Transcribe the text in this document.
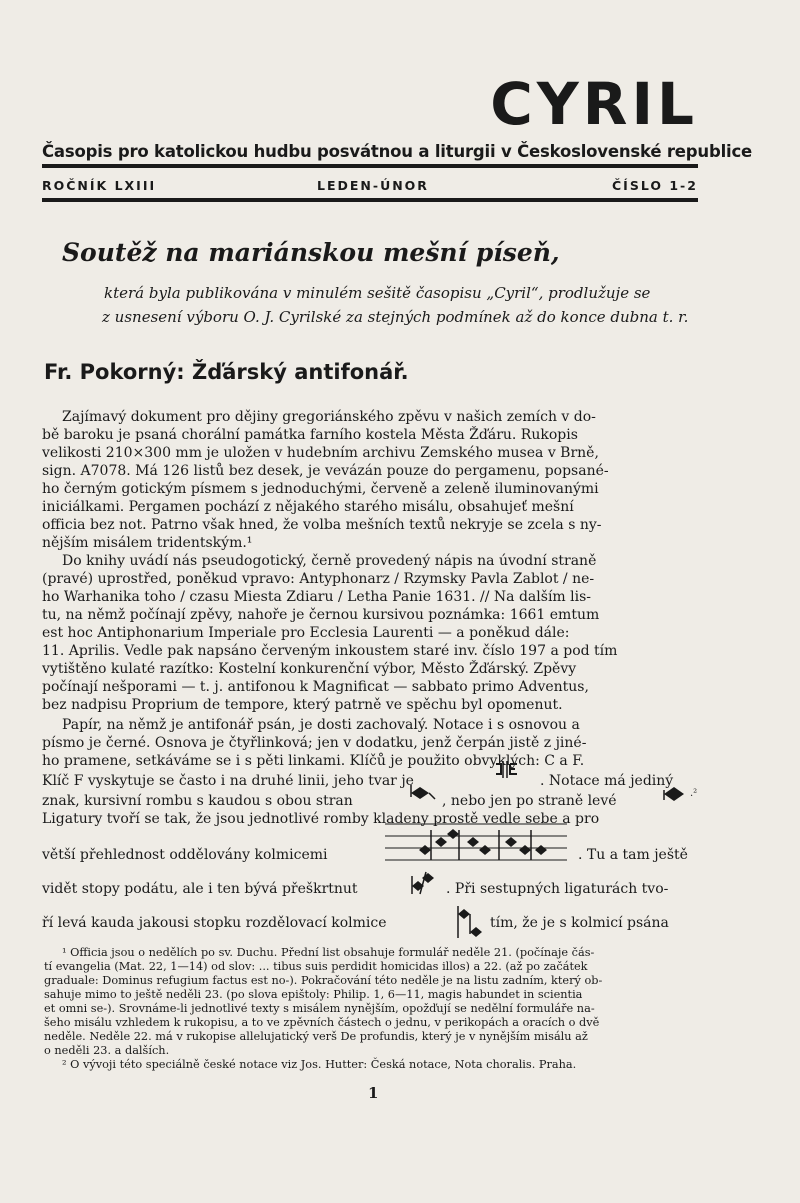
CYRIL
Časopis pro katolickou hudbu posvátnou a liturgii v Československé republice
ROČNÍK LXIII	LEDEN-ÚNOR	ČÍSLO 1-2
Soutěž na mariánskou mešní píseň,
která byla publikována v minulém sešitě časopisu „Cyril“, prodlužuje se
z usnesení výboru O. J. Cyrilské za stejných podmínek až do konce dubna t. r.
Fr. Pokorný: Žďárský antifonář.
Zajímavý dokument pro dějiny gregoriánského zpěvu v našich zemích v do-
bě baroku je psaná chorální památka farního kostela Města Žďáru. Rukopis
velikosti 210×300 mm je uložen v hudebním archivu Zemského musea v Brně,
sign. A7078. Má 126 listů bez desek, je vevázán pouze do pergamenu, popsané-
ho černým gotickým písmem s jednoduchými, červeně a zeleně iluminovanými
iniciálkami. Pergamen pochází z nějakého starého misálu, obsahujeť mešní
officia bez not. Patrno však hned, že volba mešních textů nekryje se zcela s ny-
nějším misálem tridentským.¹
Do knihy uvádí nás pseudogotický, černě provedený nápis na úvodní straně
(pravé) uprostřed, poněkud vpravo: Antyphonarz / Rzymsky Pavla Zablot / ne-
ho Warhanika toho / czasu Miesta Zdiaru / Letha Panie 1631. // Na dalším lis-
tu, na němž počínají zpěvy, nahoře je černou kursivou poznámka: 1661 emtum
est hoc Antiphonarium Imperiale pro Ecclesia Laurenti — a poněkud dále:
11. Aprilis. Vedle pak napsáno červeným inkoustem staré inv. číslo 197 a pod tím
vytištěno kulaté razítko: Kostelní konkurenční výbor, Město Žďárský. Zpěvy
počínají nešporami — t. j. antifonou k Magnificat — sabbato primo Adventus,
bez nadpisu Proprium de tempore, který patrně ve spěchu byl opomenut.
Papír, na němž je antifonář psán, je dosti zachovalý. Notace i s osnovou a
písmo je černé. Osnova je čtyřlinková; jen v dodatku, jenž čerpán jistě z jiné-
ho pramene, setkáváme se i s pěti linkami. Klíčů je použito obvyklých: C a F.
Klíč F vyskytuje se často i na druhé linii, jeho tvar je	. Notace má jediný
znak, kursivní rombu s kaudou s obou stran	, nebo jen po straně levé	.²
Ligatury tvoří se tak, že jsou jednotlivé romby kladeny prostě vedle sebe a pro
větší přehlednost oddělovány kolmicemi	. Tu a tam ještě
vidět stopy podátu, ale i ten bývá přeškrtnut	. Při sestupných ligaturách tvo-
ří levá kauda jakousi stopku rozdělovací kolmice	tím, že je s kolmicí psána
¹ Officia jsou o nedělích po sv. Duchu. Přední list obsahuje formulář neděle 21. (počínaje čás-
tí evangelia (Mat. 22, 1—14) od slov: ... tibus suis perdidit homicidas illos) a 22. (až po začátek
graduale: Dominus refugium factus est no-). Pokračování této neděle je na listu zadním, který ob-
sahuje mimo to ještě neděli 23. (po slova epištoly: Philip. 1, 6—11, magis habundet in scientia
et omni se-). Srovnáme-li jednotlivé texty s misálem nynějším, opožďují se nedělní formuláře na-
šeho misálu vzhledem k rukopisu, a to ve zpěvních částech o jednu, v perikopách a oracích o dvě
neděle. Neděle 22. má v rukopise allelujatický verš De profundis, který je v nynějším misálu až
o neděli 23. a dalších.
² O vývoji této speciálně české notace viz Jos. Hutter: Česká notace, Nota choralis. Praha.
1
